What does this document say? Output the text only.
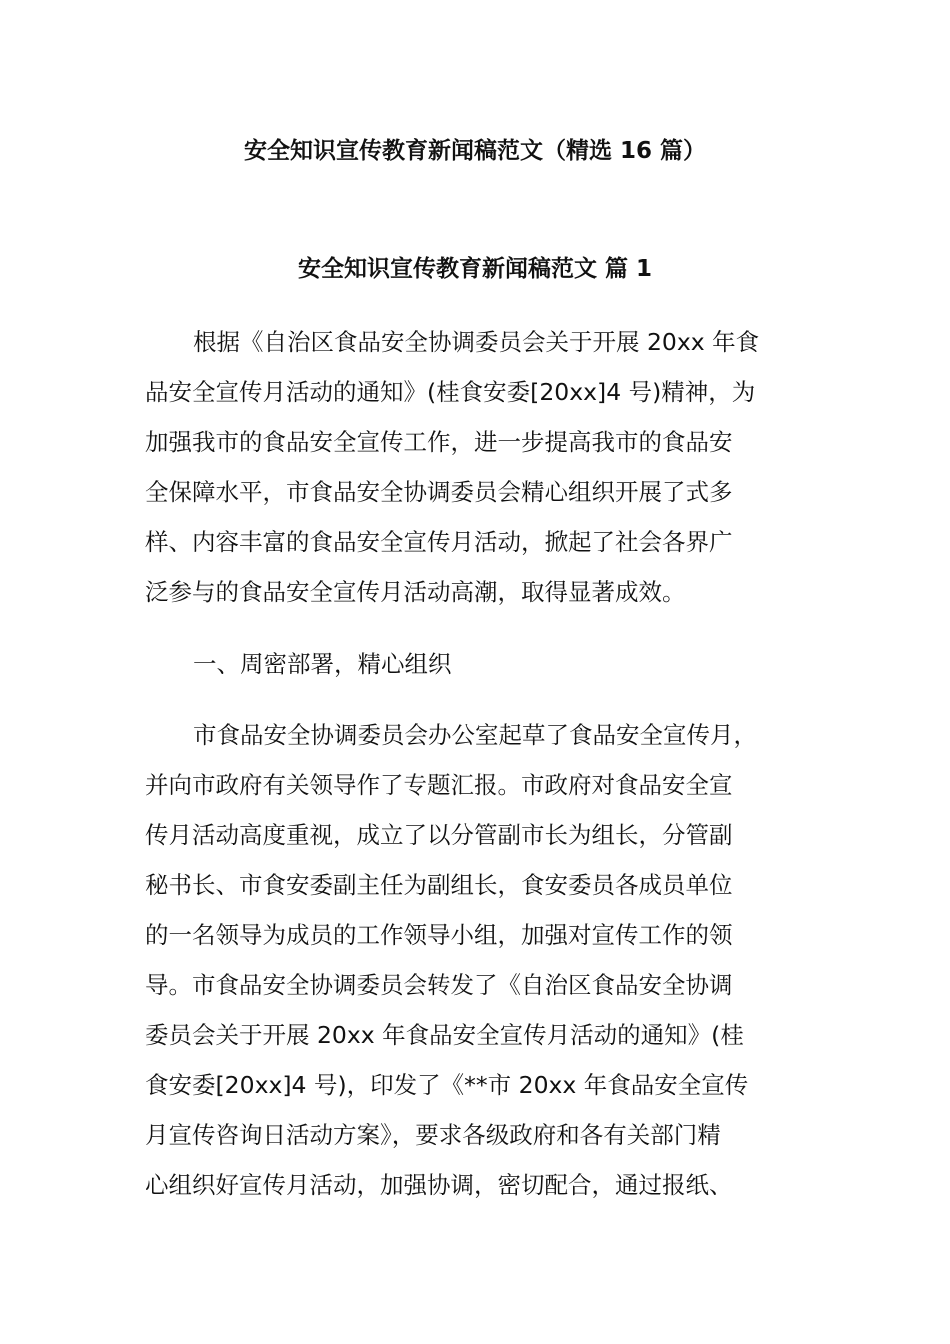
安全知识宣传教育新闻稿范文（精选 16 篇）
安全知识宣传教育新闻稿范文 篇 1

根据《自治区食品安全协调委员会关于开展 20xx 年食

品安全宣传月活动的通知》(桂食安委[20xx]4 号)精神，为

加强我市的食品安全宣传工作，进一步提高我市的食品安

全保障水平，市食品安全协调委员会精心组织开展了式多

样、内容丰富的食品安全宣传月活动，掀起了社会各界广

泛参与的食品安全宣传月活动高潮，取得显著成效。

一、周密部署，精心组织

市食品安全协调委员会办公室起草了食品安全宣传月，

并向市政府有关领导作了专题汇报。市政府对食品安全宣

传月活动高度重视，成立了以分管副市长为组长，分管副

秘书长、市食安委副主任为副组长，食安委员各成员单位

的一名领导为成员的工作领导小组，加强对宣传工作的领

导。市食品安全协调委员会转发了《自治区食品安全协调

委员会关于开展 20xx 年食品安全宣传月活动的通知》(桂

食安委[20xx]4 号)，印发了《**市 20xx 年食品安全宣传

月宣传咨询日活动方案》，要求各级政府和各有关部门精

心组织好宣传月活动，加强协调，密切配合，通过报纸、
